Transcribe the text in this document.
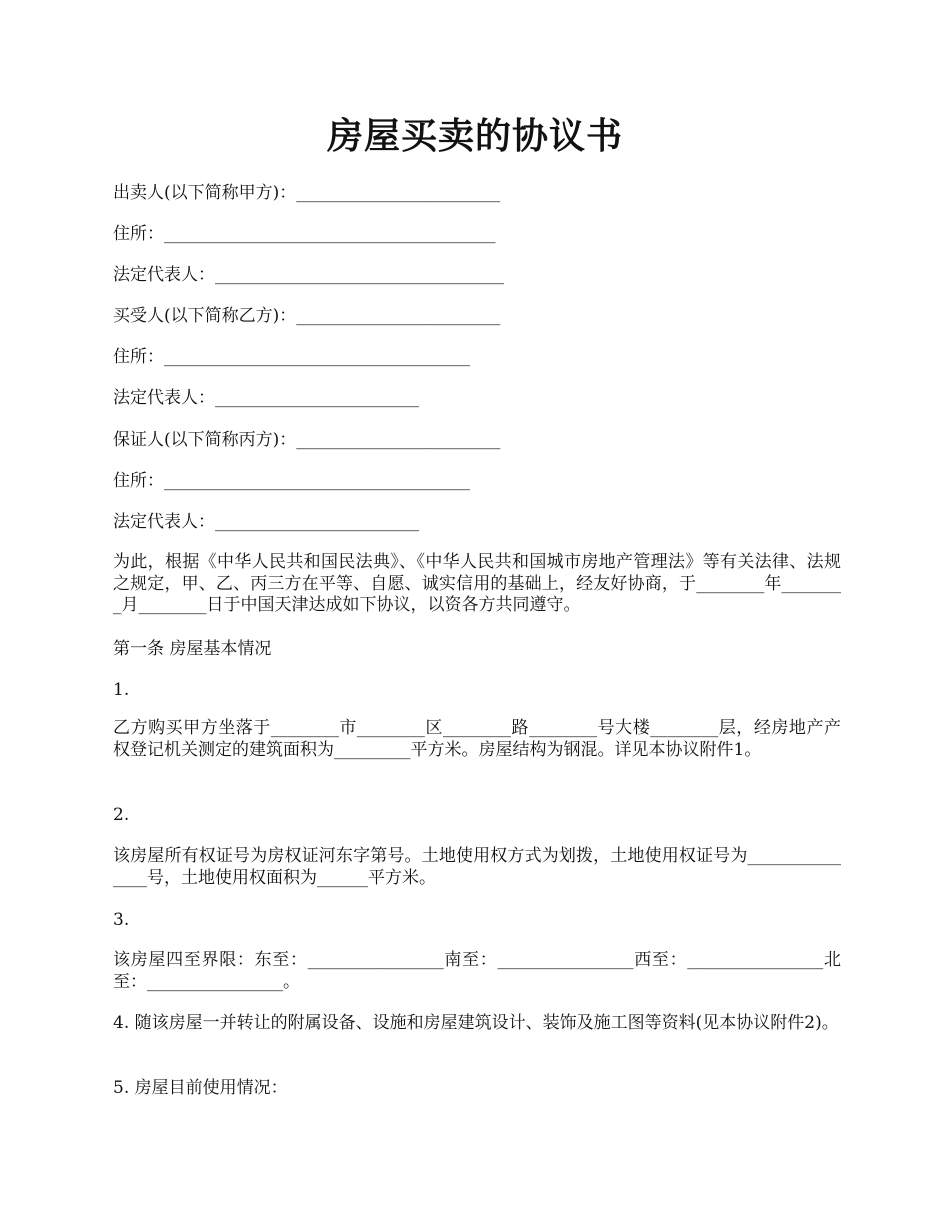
房屋买卖的协议书

出卖人(以下简称甲方)：________________________

住所：_______________________________________

法定代表人：__________________________________

买受人(以下简称乙方)：________________________

住所：____________________________________

法定代表人：________________________

保证人(以下简称丙方)：________________________

住所：____________________________________

法定代表人：________________________

为此，根据《中华人民共和国民法典》、《中华人民共和国城市房地产管理法》等有关法律、法规之规定，甲、乙、丙三方在平等、自愿、诚实信用的基础上，经友好协商，于________年________月________日于中国天津达成如下协议，以资各方共同遵守。

第一条 房屋基本情况

1.

乙方购买甲方坐落于________市________区________路________号大楼________层，经房地产产权登记机关测定的建筑面积为_________平方米。房屋结构为钢混。详见本协议附件1。

2.

该房屋所有权证号为房权证河东字第号。土地使用权方式为划拨，土地使用权证号为_______________号，土地使用权面积为______平方米。

3.

该房屋四至界限：东至：________________南至：________________西至：________________北至：________________。

4. 随该房屋一并转让的附属设备、设施和房屋建筑设计、装饰及施工图等资料(见本协议附件2)。

5. 房屋目前使用情况：
